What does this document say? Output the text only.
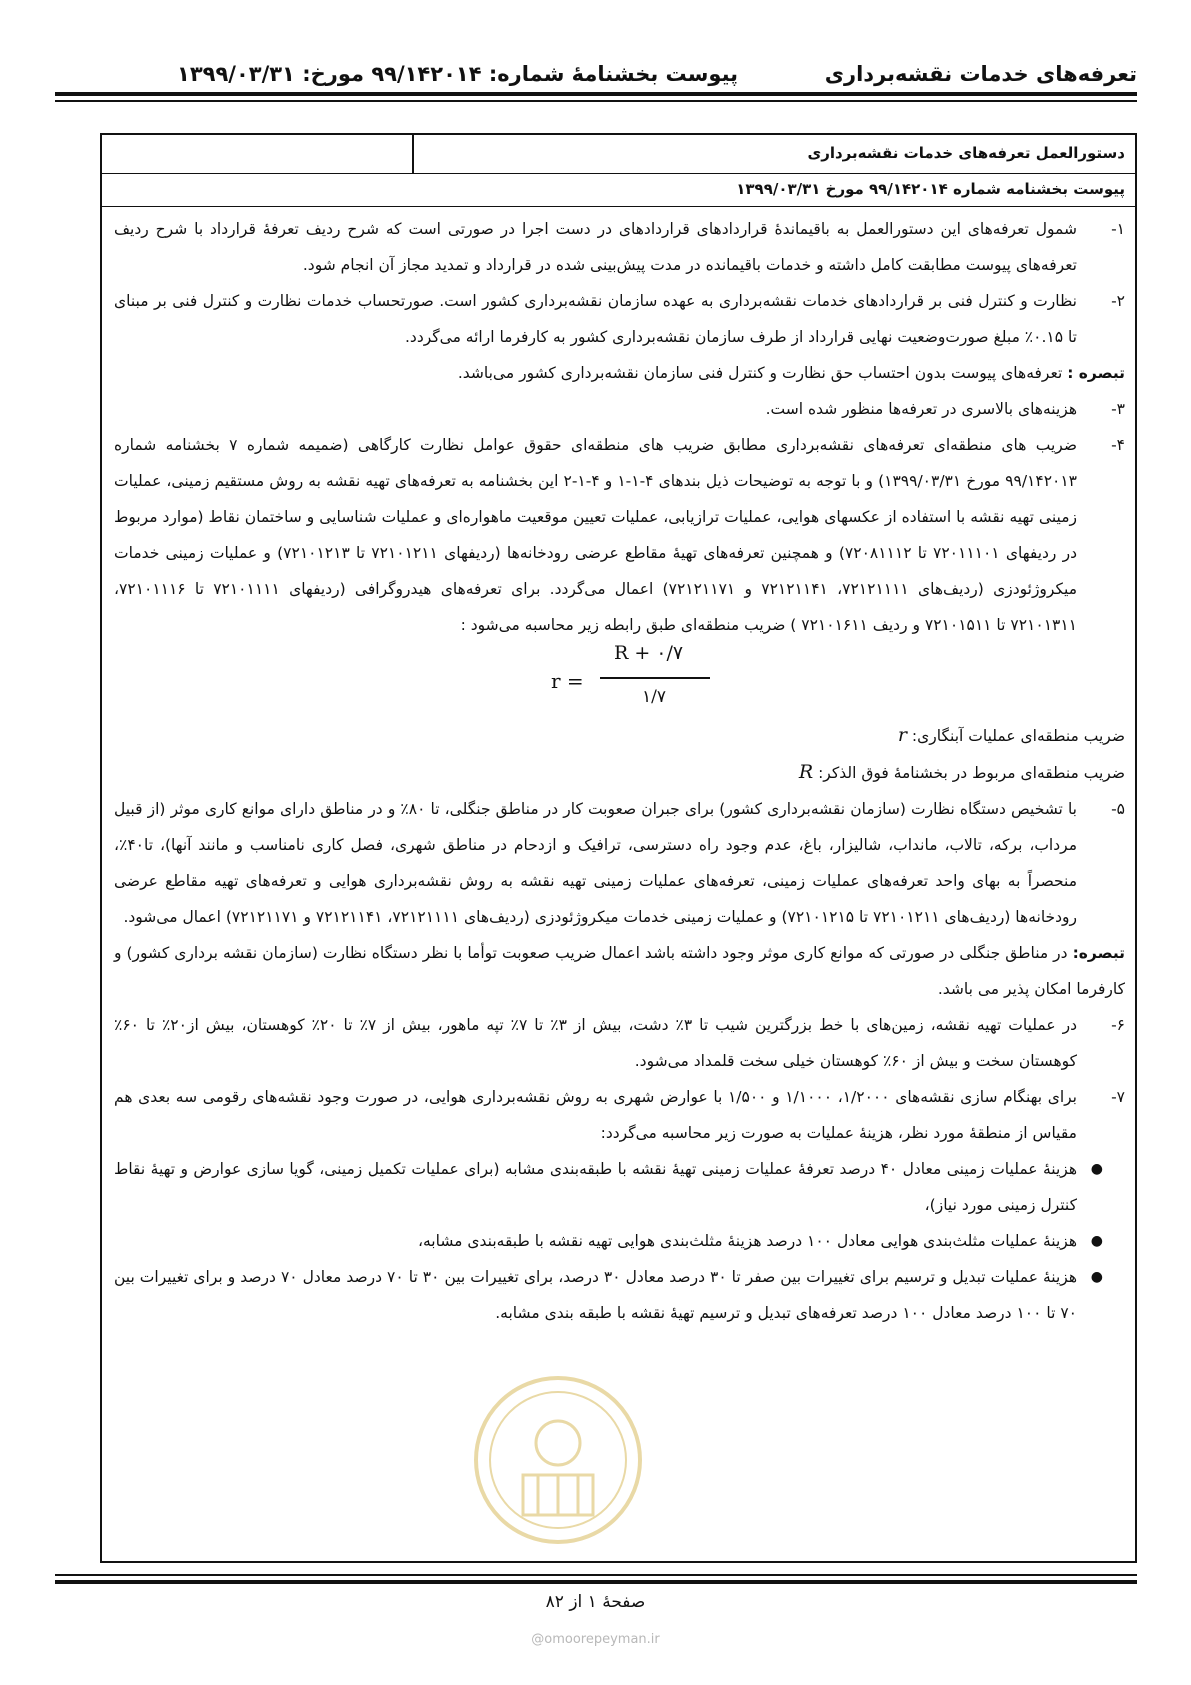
تعرفه‌های خدمات نقشه‌برداری
پیوست بخشنامهٔ شماره: ۹۹/۱۴۲۰۱۴ مورخ: ۱۳۹۹/۰۳/۳۱
دستورالعمل تعرفه‌های خدمات نقشه‌برداری
پیوست بخشنامه شماره ۹۹/۱۴۲۰۱۴ مورخ ۱۳۹۹/۰۳/۳۱
۱-
شمول تعرفه‌های این دستورالعمل به باقیماندهٔ قراردادهای قراردادهای در دست اجرا در صورتی است که شرح ردیف تعرفهٔ قرارداد با شرح ردیف تعرفه‌های پیوست مطابقت کامل داشته و خدمات باقیمانده در مدت پیش‌بینی شده در قرارداد و تمدید مجاز آن انجام شود.
۲-
نظارت و کنترل فنی بر قراردادهای خدمات نقشه‌برداری به عهده سازمان نقشه‌برداری کشور است. صورتحساب خدمات نظارت و کنترل فنی بر مبنای تا ۰.۱۵٪ مبلغ صورت‌وضعیت نهایی قرارداد از طرف سازمان نقشه‌برداری کشور به کارفرما ارائه می‌گردد.
تبصره : تعرفه‌های پیوست بدون احتساب حق نظارت و کنترل فنی سازمان نقشه‌برداری کشور می‌باشد.
۳-
هزینه‌های بالاسری در تعرفه‌ها منظور شده است.
۴-
ضریب های منطقه‌ای تعرفه‌های نقشه‌برداری مطابق ضریب های منطقه‌ای حقوق عوامل نظارت کارگاهی (ضمیمه شماره ۷ بخشنامه شماره ۹۹/۱۴۲۰۱۳ مورخ ۱۳۹۹/۰۳/۳۱) و با توجه به توضیحات ذیل بندهای ۴-۱-۱ و ۴-۱-۲ این بخشنامه به تعرفه‌های تهیه نقشه به روش مستقیم زمینی، عملیات زمینی تهیه نقشه با استفاده از عکسهای هوایی، عملیات ترازیابی، عملیات تعیین موقعیت ماهواره‌ای و عملیات شناسایی و ساختمان نقاط (موارد مربوط در ردیفهای ۷۲۰۱۱۱۰۱ تا ۷۲۰۸۱۱۱۲) و همچنین تعرفه‌های تهیهٔ مقاطع عرضی رودخانه‌ها (ردیفهای ۷۲۱۰۱۲۱۱ تا ۷۲۱۰۱۲۱۳) و عملیات زمینی خدمات میکروژئودزی (ردیف‌های ۷۲۱۲۱۱۱۱، ۷۲۱۲۱۱۴۱ و ۷۲۱۲۱۱۷۱) اعمال می‌گردد. برای تعرفه‌های هیدروگرافی (ردیفهای ۷۲۱۰۱۱۱۱ تا ۷۲۱۰۱۱۱۶، ۷۲۱۰۱۳۱۱ تا ۷۲۱۰۱۵۱۱ و ردیف ۷۲۱۰۱۶۱۱ ) ضریب منطقه‌ای طبق رابطه زیر محاسبه می‌شود :
r =
R + ۰/۷
۱/۷
ضریب منطقه‌ای عملیات آبنگاری: r
ضریب منطقه‌ای مربوط در بخشنامهٔ فوق الذکر: R
۵-
با تشخیص دستگاه نظارت (سازمان نقشه‌برداری کشور) برای جبران صعوبت کار در مناطق جنگلی، تا ۸۰٪ و در مناطق دارای موانع کاری موثر (از قبیل مرداب، برکه، تالاب، مانداب، شالیزار، باغ، عدم وجود راه دسترسی، ترافیک و ازدحام در مناطق شهری، فصل کاری نامناسب و مانند آنها)، تا۴۰٪، منحصراً به بهای واحد تعرفه‌های عملیات زمینی، تعرفه‌های عملیات زمینی تهیه نقشه به روش نقشه‌برداری هوایی و تعرفه‌های تهیه مقاطع عرضی رودخانه‌ها (ردیف‌های ۷۲۱۰۱۲۱۱ تا ۷۲۱۰۱۲۱۵) و عملیات زمینی خدمات میکروژئودزی (ردیف‌های ۷۲۱۲۱۱۱۱، ۷۲۱۲۱۱۴۱ و ۷۲۱۲۱۱۷۱) اعمال می‌شود.
تبصره: در مناطق جنگلی در صورتی که موانع کاری موثر وجود داشته باشد اعمال ضریب صعوبت توأما با نظر دستگاه نظارت (سازمان نقشه برداری کشور) و کارفرما امکان پذیر می باشد.
۶-
در عملیات تهیه نقشه، زمین‌های با خط بزرگترین شیب تا ۳٪ دشت، بیش از ۳٪ تا ۷٪ تپه ماهور، بیش از ۷٪ تا ۲۰٪ کوهستان، بیش از۲۰٪ تا ۶۰٪ کوهستان سخت و بیش از ۶۰٪ کوهستان خیلی سخت قلمداد می‌شود.
۷-
برای بهنگام سازی نقشه‌های ۱/۲۰۰۰، ۱/۱۰۰۰ و ۱/۵۰۰ با عوارض شهری به روش نقشه‌برداری هوایی، در صورت وجود نقشه‌های رقومی سه بعدی هم مقیاس از منطقهٔ مورد نظر، هزینهٔ عملیات به صورت زیر محاسبه می‌گردد:
●
هزینهٔ عملیات زمینی معادل ۴۰ درصد تعرفهٔ عملیات زمینی تهیهٔ نقشه با طبقه‌بندی مشابه (برای عملیات تکمیل زمینی، گویا سازی عوارض و تهیهٔ نقاط کنترل زمینی مورد نیاز)،
●
هزینهٔ عملیات مثلث‌بندی هوایی معادل ۱۰۰ درصد هزینهٔ مثلث‌بندی هوایی تهیه نقشه با طبقه‌بندی مشابه،
●
هزینهٔ عملیات تبدیل و ترسیم برای تغییرات بین صفر تا ۳۰ درصد معادل ۳۰ درصد، برای تغییرات بین ۳۰ تا ۷۰ درصد معادل ۷۰ درصد و برای تغییرات بین ۷۰ تا ۱۰۰ درصد معادل ۱۰۰ درصد تعرفه‌های تبدیل و ترسیم تهیهٔ نقشه با طبقه بندی مشابه.
صفحهٔ ۱ از ۸۲
@omoorepeyman.ir
